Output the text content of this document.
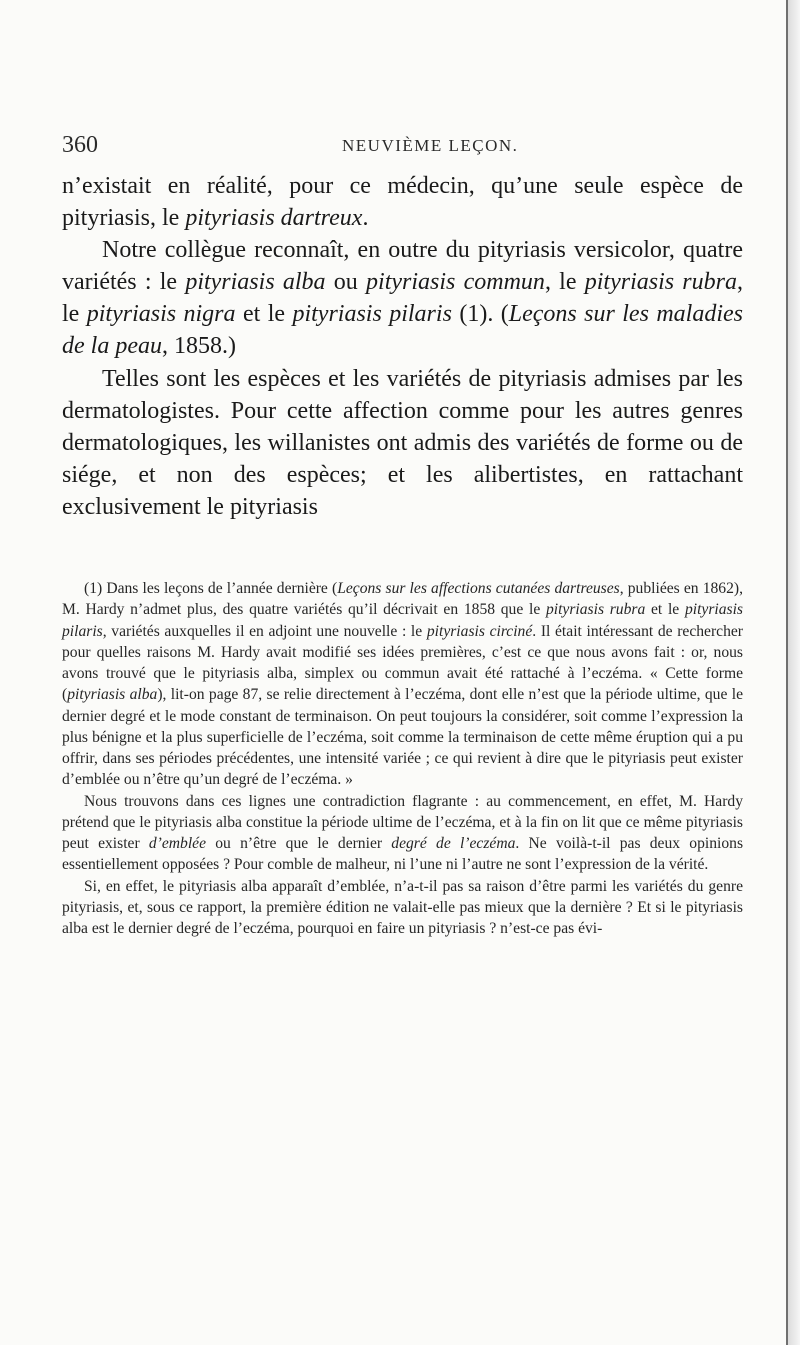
360	NEUVIÈME LEÇON.

n’existait en réalité, pour ce médecin, qu’une seule espèce de pityriasis, le pityriasis dartreux.

Notre collègue reconnaît, en outre du pityriasis versicolor, quatre variétés : le pityriasis alba ou pityriasis commun, le pityriasis rubra, le pityriasis nigra et le pityriasis pilaris (1). (Leçons sur les maladies de la peau, 1858.)

Telles sont les espèces et les variétés de pityriasis admises par les dermatologistes. Pour cette affection comme pour les autres genres dermatologiques, les willanistes ont admis des variétés de forme ou de siége, et non des espèces; et les alibertistes, en rattachant exclusivement le pityriasis

(1) Dans les leçons de l’année dernière (Leçons sur les affections cutanées dartreuses, publiées en 1862), M. Hardy n’admet plus, des quatre variétés qu’il décrivait en 1858 que le pityriasis rubra et le pityriasis pilaris, variétés auxquelles il en adjoint une nouvelle : le pityriasis circiné. Il était intéressant de rechercher pour quelles raisons M. Hardy avait modifié ses idées premières, c’est ce que nous avons fait : or, nous avons trouvé que le pityriasis alba, simplex ou commun avait été rattaché à l’eczéma. « Cette forme (pityriasis alba), lit-on page 87, se relie directement à l’eczéma, dont elle n’est que la période ultime, que le dernier degré et le mode constant de terminaison. On peut toujours la considérer, soit comme l’expression la plus bénigne et la plus superficielle de l’eczéma, soit comme la terminaison de cette même éruption qui a pu offrir, dans ses périodes précédentes, une intensité variée ; ce qui revient à dire que le pityriasis peut exister d’emblée ou n’être qu’un degré de l’eczéma. »

Nous trouvons dans ces lignes une contradiction flagrante : au commencement, en effet, M. Hardy prétend que le pityriasis alba constitue la période ultime de l’eczéma, et à la fin on lit que ce même pityriasis peut exister d’emblée ou n’être que le dernier degré de l’eczéma. Ne voilà-t-il pas deux opinions essentiellement opposées ? Pour comble de malheur, ni l’une ni l’autre ne sont l’expression de la vérité.

Si, en effet, le pityriasis alba apparaît d’emblée, n’a-t-il pas sa raison d’être parmi les variétés du genre pityriasis, et, sous ce rapport, la première édition ne valait-elle pas mieux que la dernière ? Et si le pityriasis alba est le dernier degré de l’eczéma, pourquoi en faire un pityriasis ? n’est-ce pas évi-
